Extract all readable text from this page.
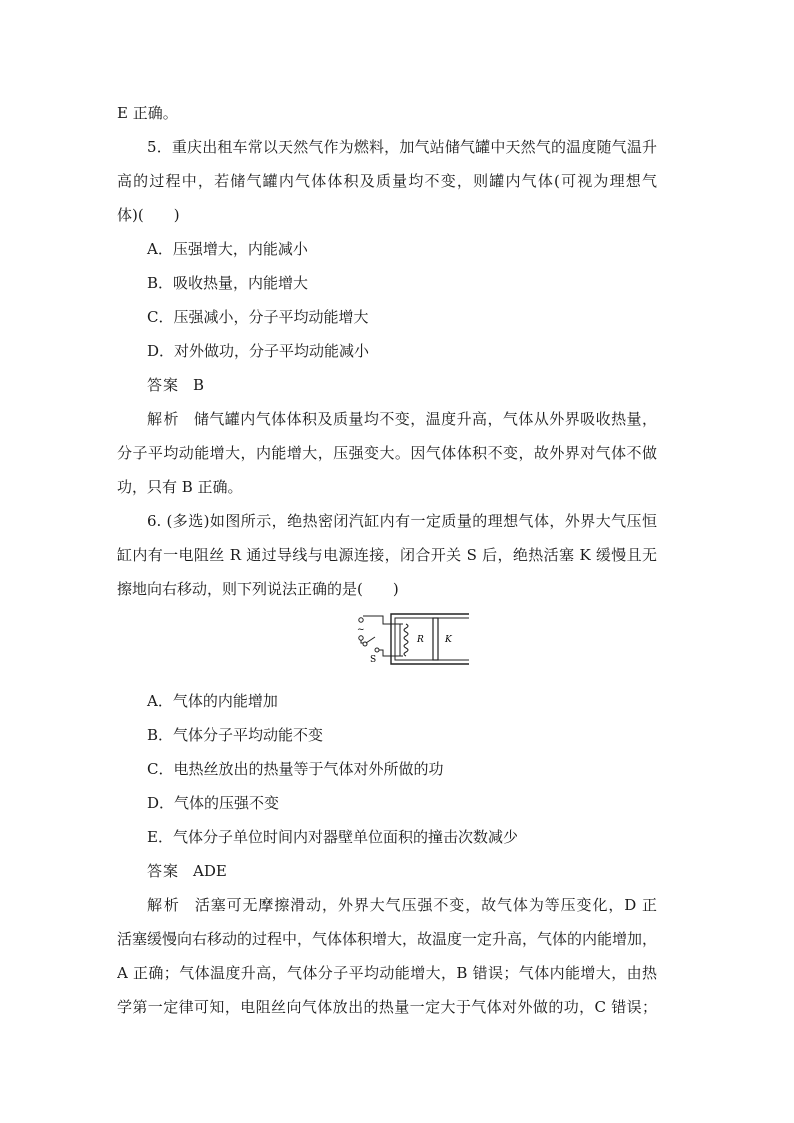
E 正确。
5．重庆出租车常以天然气作为燃料，加气站储气罐中天然气的温度随气温升
高的过程中，若储气罐内气体体积及质量均不变，则罐内气体(可视为理想气
体)(　　)
A．压强增大，内能减小
B．吸收热量，内能增大
C．压强减小，分子平均动能增大
D．对外做功，分子平均动能减小
答案 B
解析 储气罐内气体体积及质量均不变，温度升高，气体从外界吸收热量，
分子平均动能增大，内能增大，压强变大。因气体体积不变，故外界对气体不做
功，只有 B 正确。
6. (多选)如图所示，绝热密闭汽缸内有一定质量的理想气体，外界大气压恒
缸内有一电阻丝 R 通过导线与电源连接，闭合开关 S 后，绝热活塞 K 缓慢且无
擦地向右移动，则下列说法正确的是(　　)
~
R K
S
A．气体的内能增加
B．气体分子平均动能不变
C．电热丝放出的热量等于气体对外所做的功
D．气体的压强不变
E．气体分子单位时间内对器壁单位面积的撞击次数减少
答案 ADE
解析 活塞可无摩擦滑动，外界大气压强不变，故气体为等压变化，D 正
活塞缓慢向右移动的过程中，气体体积增大，故温度一定升高，气体的内能增加，
A 正确；气体温度升高，气体分子平均动能增大，B 错误；气体内能增大，由热
学第一定律可知，电阻丝向气体放出的热量一定大于气体对外做的功，C 错误；
